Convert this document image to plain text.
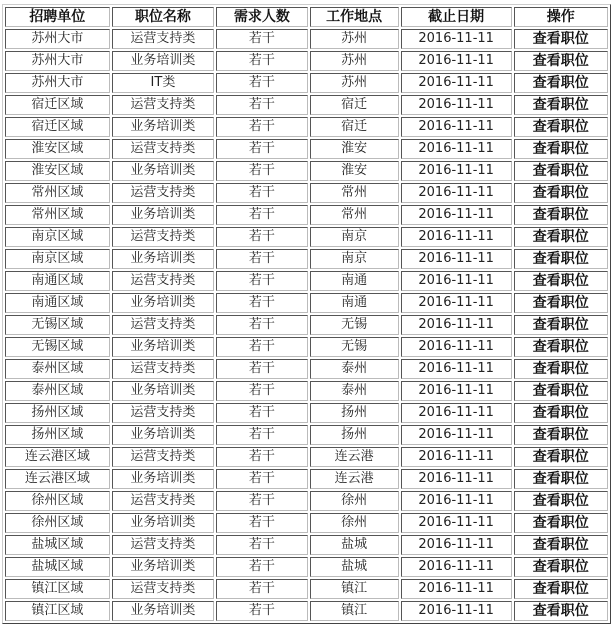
招聘单位	职位名称	需求人数	工作地点	截止日期	操作
苏州大市	运营支持类	若干	苏州	2016-11-11	查看职位
苏州大市	业务培训类	若干	苏州	2016-11-11	查看职位
苏州大市	IT类	若干	苏州	2016-11-11	查看职位
宿迁区域	运营支持类	若干	宿迁	2016-11-11	查看职位
宿迁区域	业务培训类	若干	宿迁	2016-11-11	查看职位
淮安区域	运营支持类	若干	淮安	2016-11-11	查看职位
淮安区域	业务培训类	若干	淮安	2016-11-11	查看职位
常州区域	运营支持类	若干	常州	2016-11-11	查看职位
常州区域	业务培训类	若干	常州	2016-11-11	查看职位
南京区域	运营支持类	若干	南京	2016-11-11	查看职位
南京区域	业务培训类	若干	南京	2016-11-11	查看职位
南通区域	运营支持类	若干	南通	2016-11-11	查看职位
南通区域	业务培训类	若干	南通	2016-11-11	查看职位
无锡区域	运营支持类	若干	无锡	2016-11-11	查看职位
无锡区域	业务培训类	若干	无锡	2016-11-11	查看职位
泰州区域	运营支持类	若干	泰州	2016-11-11	查看职位
泰州区域	业务培训类	若干	泰州	2016-11-11	查看职位
扬州区域	运营支持类	若干	扬州	2016-11-11	查看职位
扬州区域	业务培训类	若干	扬州	2016-11-11	查看职位
连云港区域	运营支持类	若干	连云港	2016-11-11	查看职位
连云港区域	业务培训类	若干	连云港	2016-11-11	查看职位
徐州区域	运营支持类	若干	徐州	2016-11-11	查看职位
徐州区域	业务培训类	若干	徐州	2016-11-11	查看职位
盐城区域	运营支持类	若干	盐城	2016-11-11	查看职位
盐城区域	业务培训类	若干	盐城	2016-11-11	查看职位
镇江区域	运营支持类	若干	镇江	2016-11-11	查看职位
镇江区域	业务培训类	若干	镇江	2016-11-11	查看职位
